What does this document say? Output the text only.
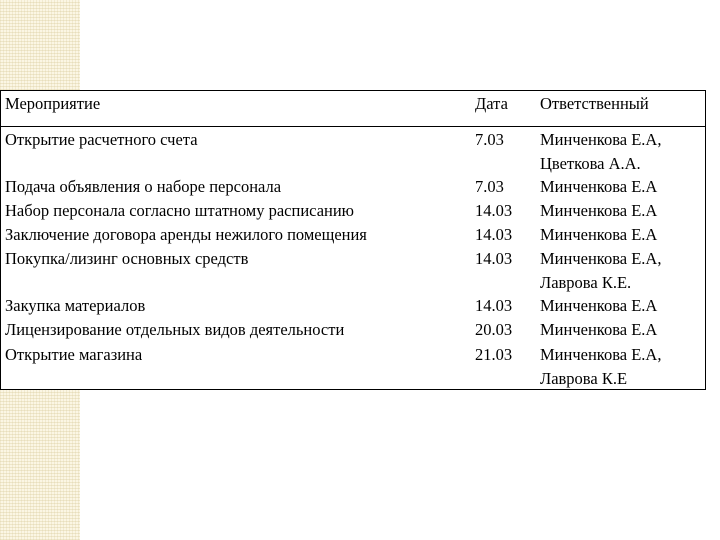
Мероприятие
Открытие расчетного счета
Подача объявления о наборе персонала
Набор персонала согласно штатному расписанию
Заключение договора аренды нежилого помещения
Покупка/лизинг основных средств
Закупка материалов
Лицензирование отдельных видов деятельности
Открытие магазина
Дата
7.03
7.03
14.03
14.03
14.03
14.03
20.03
21.03
Ответственный
Минченкова Е.А,
Цветкова А.А.
Минченкова Е.А
Минченкова Е.А
Минченкова Е.А
Минченкова Е.А,
Лаврова К.Е.
Минченкова Е.А
Минченкова Е.А
Минченкова Е.А,
Лаврова К.Е
